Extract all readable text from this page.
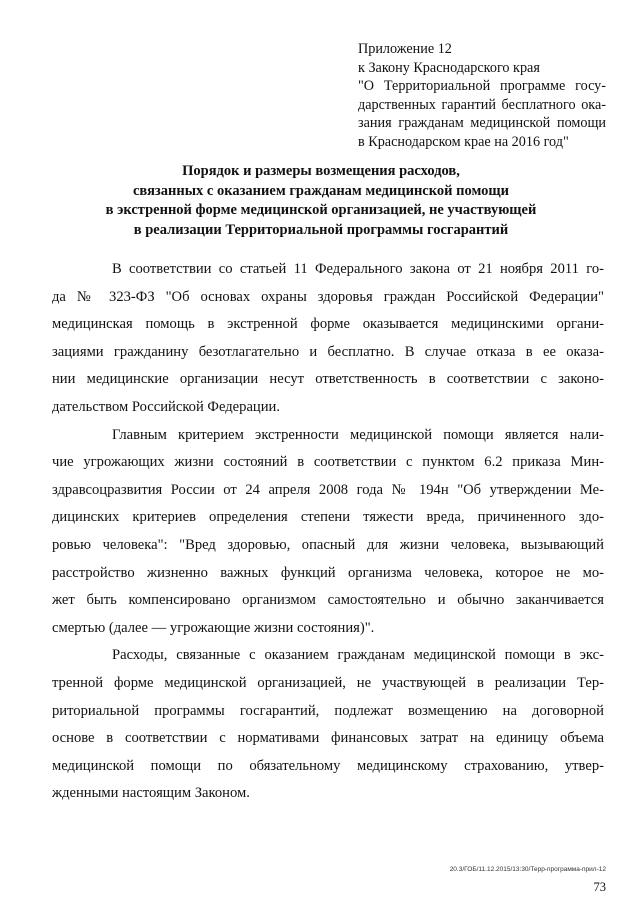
Приложение 12
к Закону Краснодарского края
"О Территориальной программе госу-
дарственных гарантий бесплатного ока-
зания гражданам медицинской помощи
в Краснодарском крае на 2016 год"
Порядок и размеры возмещения расходов,
связанных с оказанием гражданам медицинской помощи
в экстренной форме медицинской организацией, не участвующей
в реализации Территориальной программы госгарантий
В соответствии со статьей 11 Федерального закона от 21 ноября 2011 го-
да № 323-ФЗ "Об основах охраны здоровья граждан Российской Федерации"
медицинская помощь в экстренной форме оказывается медицинскими органи-
зациями гражданину безотлагательно и бесплатно. В случае отказа в ее оказа-
нии медицинские организации несут ответственность в соответствии с законо-
дательством Российской Федерации.
Главным критерием экстренности медицинской помощи является нали-
чие угрожающих жизни состояний в соответствии с пунктом 6.2 приказа Мин-
здравсоцразвития России от 24 апреля 2008 года № 194н "Об утверждении Ме-
дицинских критериев определения степени тяжести вреда, причиненного здо-
ровью человека": "Вред здоровью, опасный для жизни человека, вызывающий
расстройство жизненно важных функций организма человека, которое не мо-
жет быть компенсировано организмом самостоятельно и обычно заканчивается
смертью (далее — угрожающие жизни состояния)".
Расходы, связанные с оказанием гражданам медицинской помощи в экс-
тренной форме медицинской организацией, не участвующей в реализации Тер-
риториальной программы госгарантий, подлежат возмещению на договорной
основе в соответствии с нормативами финансовых затрат на единицу объема
медицинской помощи по обязательному медицинскому страхованию, утвер-
жденными настоящим Законом.
20.3/ГОБ/11.12.2015/13:30/Терр-программа-прил-12
73
